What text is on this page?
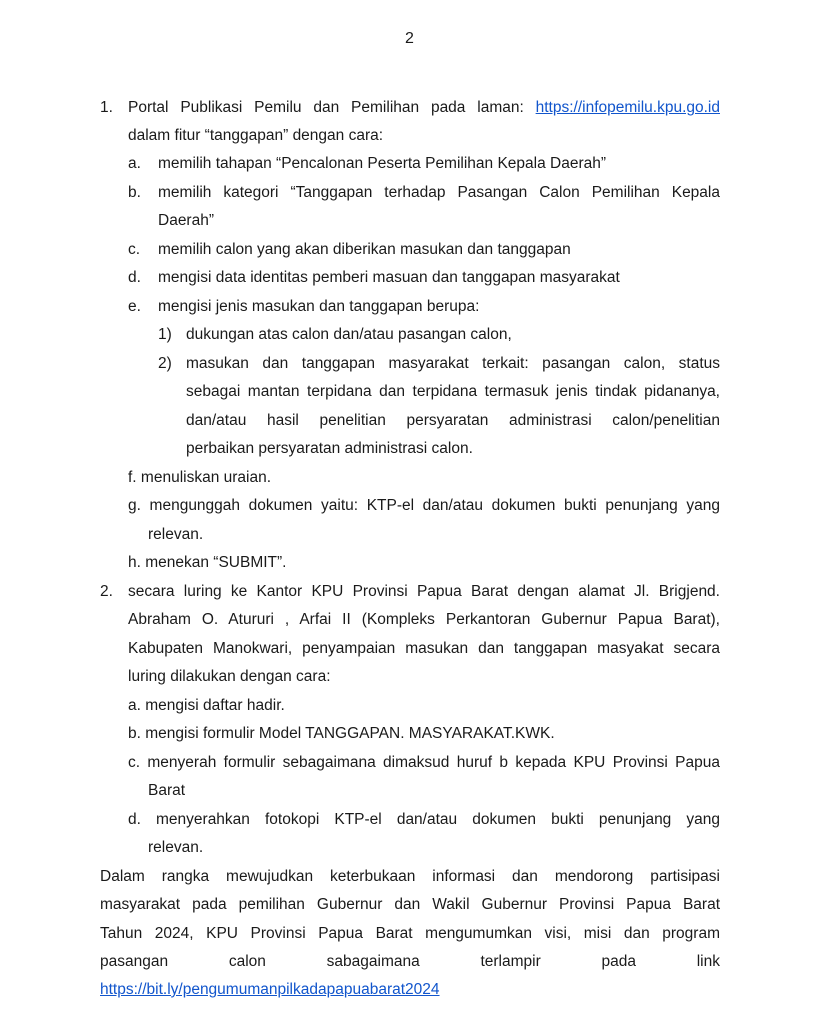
2
1. Portal Publikasi Pemilu dan Pemilihan pada laman: https://infopemilu.kpu.go.id
dalam fitur “tanggapan” dengan cara:
a. memilih tahapan “Pencalonan Peserta Pemilihan Kepala Daerah”
b. memilih kategori “Tanggapan terhadap Pasangan Calon Pemilihan Kepala
Daerah”
c. memilih calon yang akan diberikan masukan dan tanggapan
d. mengisi data identitas pemberi masuan dan tanggapan masyarakat
e. mengisi jenis masukan dan tanggapan berupa:
1) dukungan atas calon dan/atau pasangan calon,
2) masukan dan tanggapan masyarakat terkait: pasangan calon, status
sebagai mantan terpidana dan terpidana termasuk jenis tindak pidananya,
dan/atau hasil penelitian persyaratan administrasi calon/penelitian
perbaikan persyaratan administrasi calon.
f. menuliskan uraian.
g. mengunggah dokumen yaitu: KTP-el dan/atau dokumen bukti penunjang yang
relevan.
h. menekan “SUBMIT”.
2. secara luring ke Kantor KPU Provinsi Papua Barat dengan alamat Jl. Brigjend.
Abraham O. Atururi , Arfai II (Kompleks Perkantoran Gubernur Papua Barat),
Kabupaten Manokwari, penyampaian masukan dan tanggapan masyakat secara
luring dilakukan dengan cara:
a. mengisi daftar hadir.
b. mengisi formulir Model TANGGAPAN. MASYARAKAT.KWK.
c. menyerah formulir sebagaimana dimaksud huruf b kepada KPU Provinsi Papua
Barat
d. menyerahkan fotokopi KTP-el dan/atau dokumen bukti penunjang yang
relevan.
Dalam rangka mewujudkan keterbukaan informasi dan mendorong partisipasi
masyarakat pada pemilihan Gubernur dan Wakil Gubernur Provinsi Papua Barat
Tahun 2024, KPU Provinsi Papua Barat mengumumkan visi, misi dan program
pasangan calon sabagaimana terlampir pada link
https://bit.ly/pengumumanpilkadapapuabarat2024
